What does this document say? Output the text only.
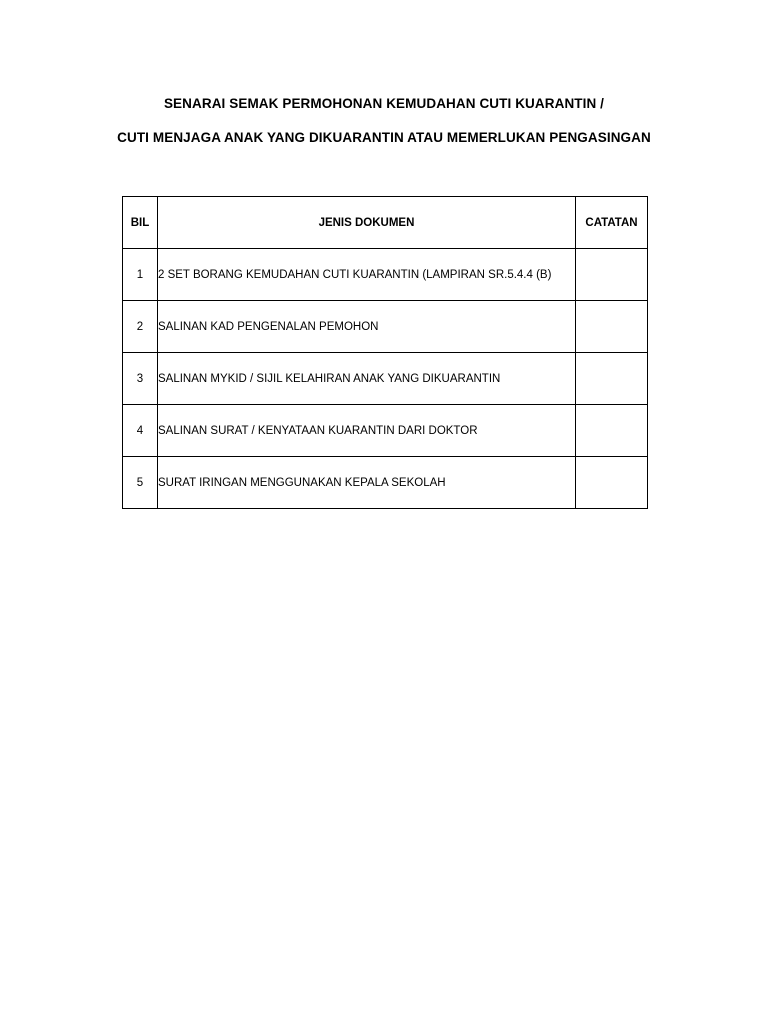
SENARAI SEMAK PERMOHONAN KEMUDAHAN CUTI KUARANTIN /

CUTI MENJAGA ANAK YANG DIKUARANTIN ATAU MEMERLUKAN PENGASINGAN

BIL	JENIS DOKUMEN	CATATAN
1	2 SET BORANG KEMUDAHAN CUTI KUARANTIN (LAMPIRAN SR.5.4.4 (B)	
2	SALINAN KAD PENGENALAN PEMOHON	
3	SALINAN MYKID / SIJIL KELAHIRAN ANAK YANG DIKUARANTIN	
4	SALINAN SURAT / KENYATAAN KUARANTIN DARI DOKTOR	
5	SURAT IRINGAN MENGGUNAKAN KEPALA SEKOLAH	
